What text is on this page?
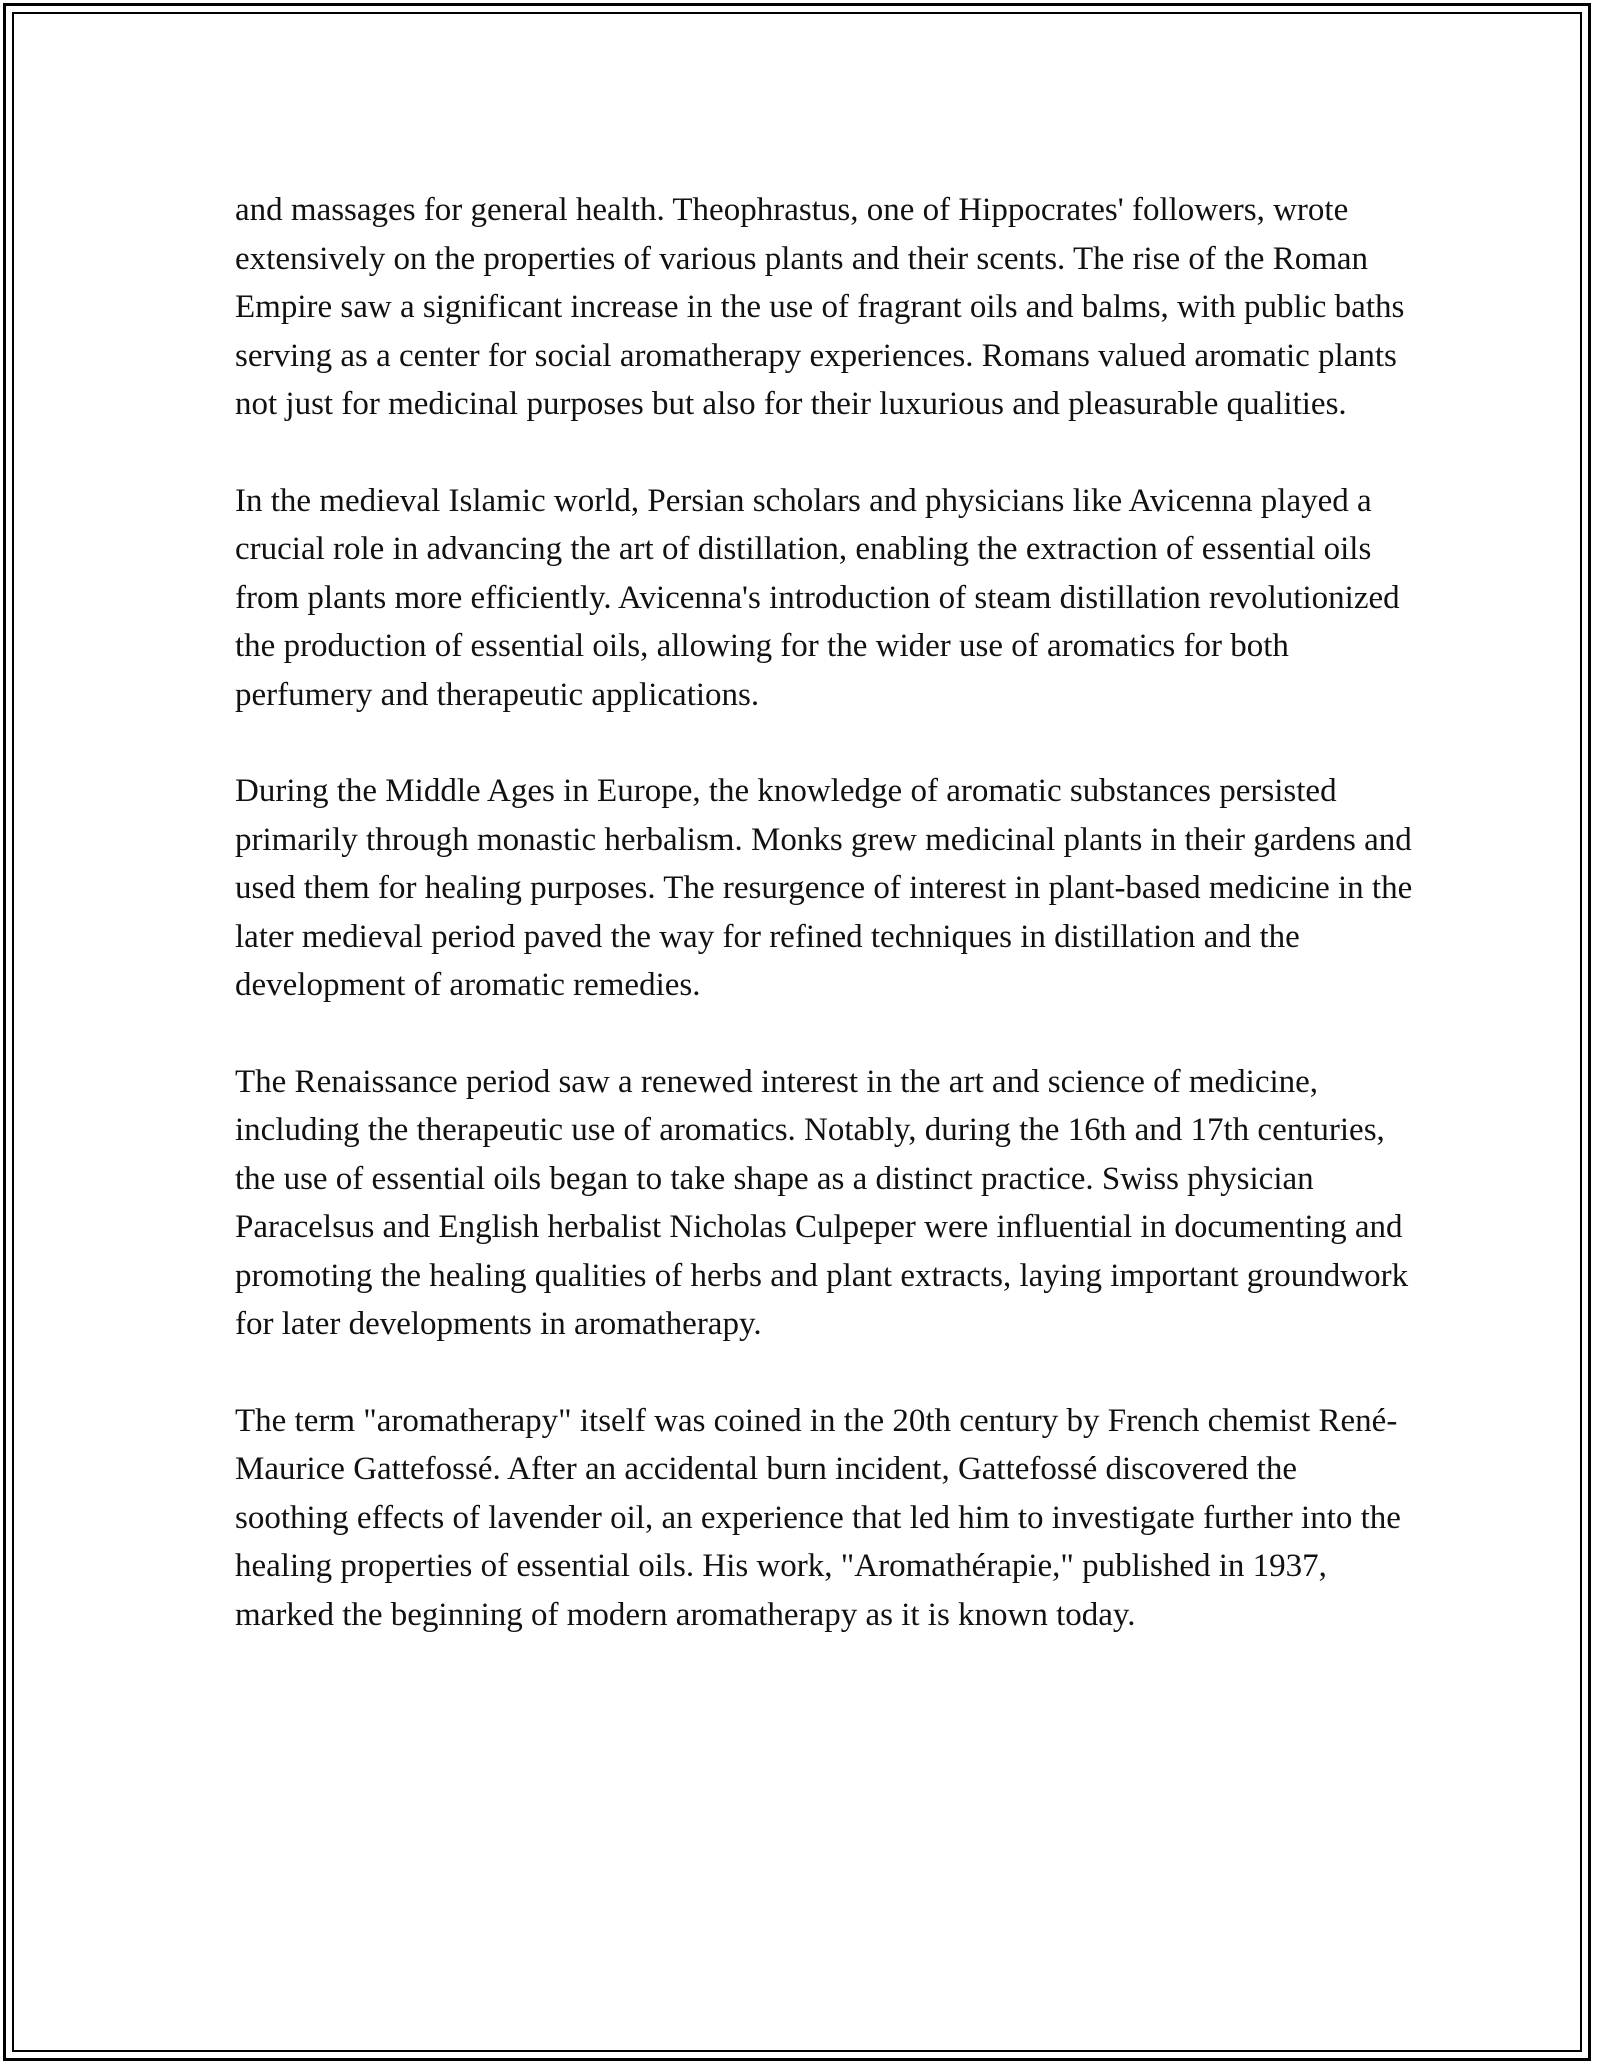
and massages for general health. Theophrastus, one of Hippocrates' followers, wrote extensively on the properties of various plants and their scents. The rise of the Roman Empire saw a significant increase in the use of fragrant oils and balms, with public baths serving as a center for social aromatherapy experiences. Romans valued aromatic plants not just for medicinal purposes but also for their luxurious and pleasurable qualities.

In the medieval Islamic world, Persian scholars and physicians like Avicenna played a crucial role in advancing the art of distillation, enabling the extraction of essential oils from plants more efficiently. Avicenna's introduction of steam distillation revolutionized the production of essential oils, allowing for the wider use of aromatics for both perfumery and therapeutic applications.

During the Middle Ages in Europe, the knowledge of aromatic substances persisted primarily through monastic herbalism. Monks grew medicinal plants in their gardens and used them for healing purposes. The resurgence of interest in plant-based medicine in the later medieval period paved the way for refined techniques in distillation and the development of aromatic remedies.

The Renaissance period saw a renewed interest in the art and science of medicine, including the therapeutic use of aromatics. Notably, during the 16th and 17th centuries, the use of essential oils began to take shape as a distinct practice. Swiss physician Paracelsus and English herbalist Nicholas Culpeper were influential in documenting and promoting the healing qualities of herbs and plant extracts, laying important groundwork for later developments in aromatherapy.

The term "aromatherapy" itself was coined in the 20th century by French chemist René-Maurice Gattefossé. After an accidental burn incident, Gattefossé discovered the soothing effects of lavender oil, an experience that led him to investigate further into the healing properties of essential oils. His work, "Aromathérapie," published in 1937, marked the beginning of modern aromatherapy as it is known today.
